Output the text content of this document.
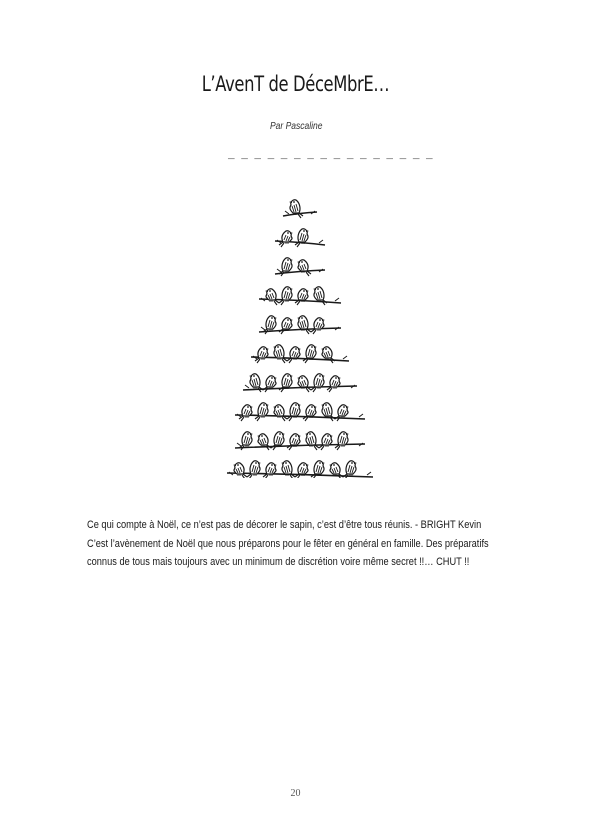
L’AvenT de DéceMbrE…
Par Pascaline
_ _ _ _ _ _ _ _ _ _ _ _ _ _ _ _

Ce qui compte à Noël, ce n’est pas de décorer le sapin, c’est d’être tous réunis. - BRIGHT Kevin

C’est l’avènement de Noël que nous préparons pour le fêter en général en famille. Des préparatifs

connus de tous mais toujours avec un minimum de discrétion voire même secret !!… CHUT !!

20
